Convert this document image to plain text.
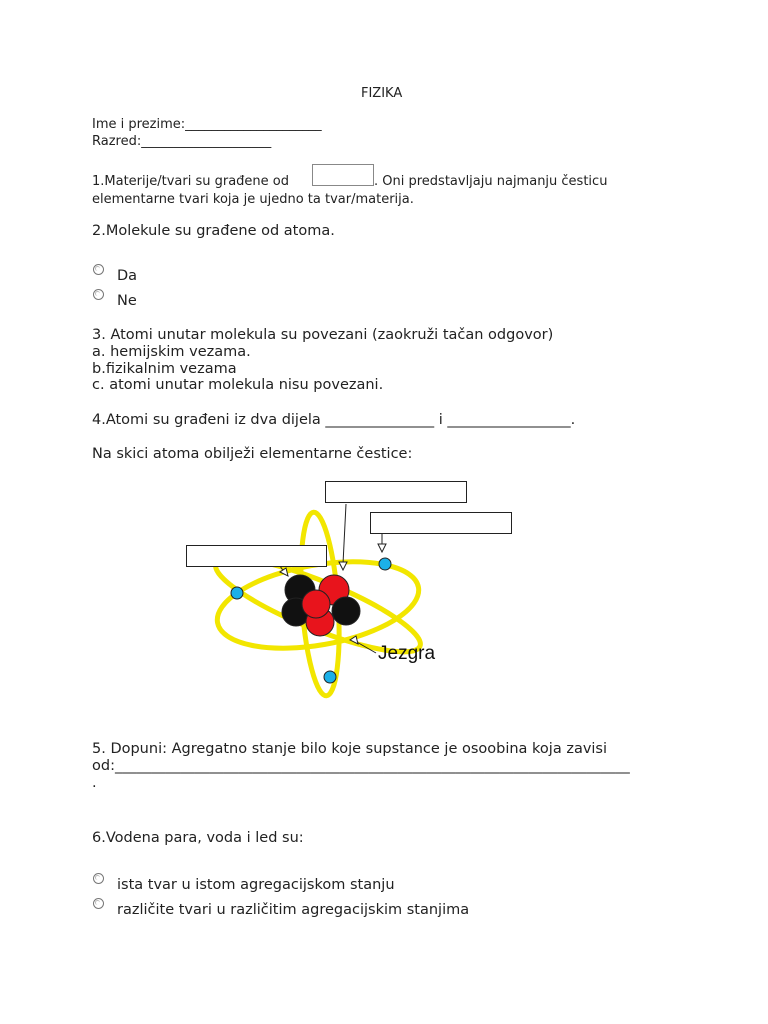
FIZIKA
Ime i prezime:_____________________
Razred:____________________
1.Materije/tvari su građene od	. Oni predstavljaju najmanju česticu
elementarne tvari koja je ujedno ta tvar/materija.
2.Molekule su građene od atoma.
Da
Ne
3. Atomi unutar molekula su povezani (zaokruži tačan odgovor)
a. hemijskim vezama.
b.fizikalnim vezama
c. atomi unutar molekula nisu povezani.
4.Atomi su građeni iz dva dijela _______________ i _________________.
Na skici atoma obilježi elementarne čestice:
Jezgra
5. Dopuni: Agregatno stanje bilo koje supstance je osoobina koja zavisi
od:_______________________________________________________________________
.
6.Vodena para, voda i led su:
ista tvar u istom agregacijskom stanju
različite tvari u različitim agregacijskim stanjima
